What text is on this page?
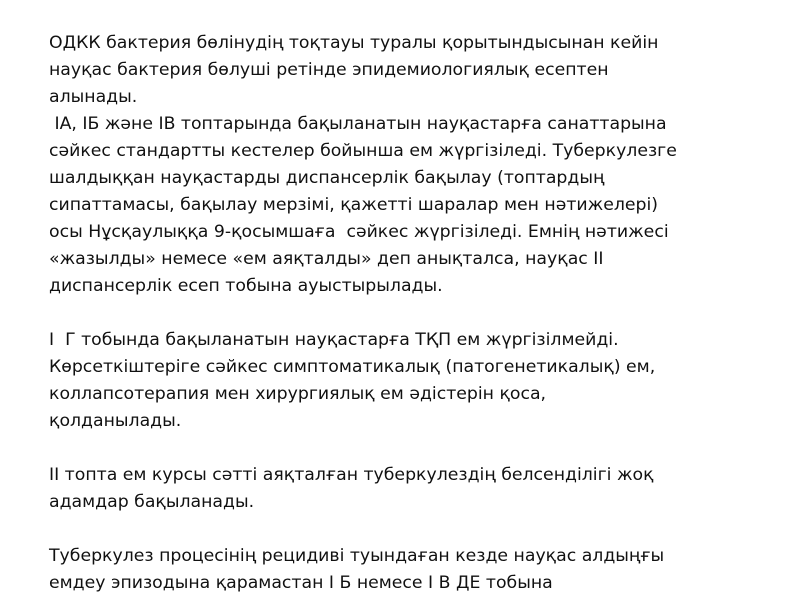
ОДКК бактерия бөлінудің тоқтауы туралы қорытындысынан кейін
науқас бактерия бөлуші ретінде эпидемиологиялық есептен
алынады.
IА, IБ және IВ топтарында бақыланатын науқастарға санаттарына
сәйкес стандартты кестелер бойынша ем жүргізіледі. Туберкулезге
шалдыққан науқастарды диспансерлік бақылау (топтардың
сипаттамасы, бақылау мерзімі, қажетті шаралар мен нәтижелері)
осы Нұсқаулыққа 9-қосымшаға  сәйкес жүргізіледі. Емнің нәтижесі
«жазылды» немесе «ем аяқталды» деп анықталса, науқас II
диспансерлік есеп тобына ауыстырылады.
I  Г тобында бақыланатын науқастарға ТҚП ем жүргізілмейді.
Көрсеткіштеріге сәйкес симптоматикалық (патогенетикалық) ем,
коллапсотерапия мен хирургиялық ем әдістерін қоса,
қолданылады.
II топта ем курсы сәтті аяқталған туберкулездің белсенділігі жоқ
адамдар бақыланады.
Туберкулез процесінің рецидиві туындаған кезде науқас алдыңғы
емдеу эпизодына қарамастан I Б немесе I В ДЕ тобына
